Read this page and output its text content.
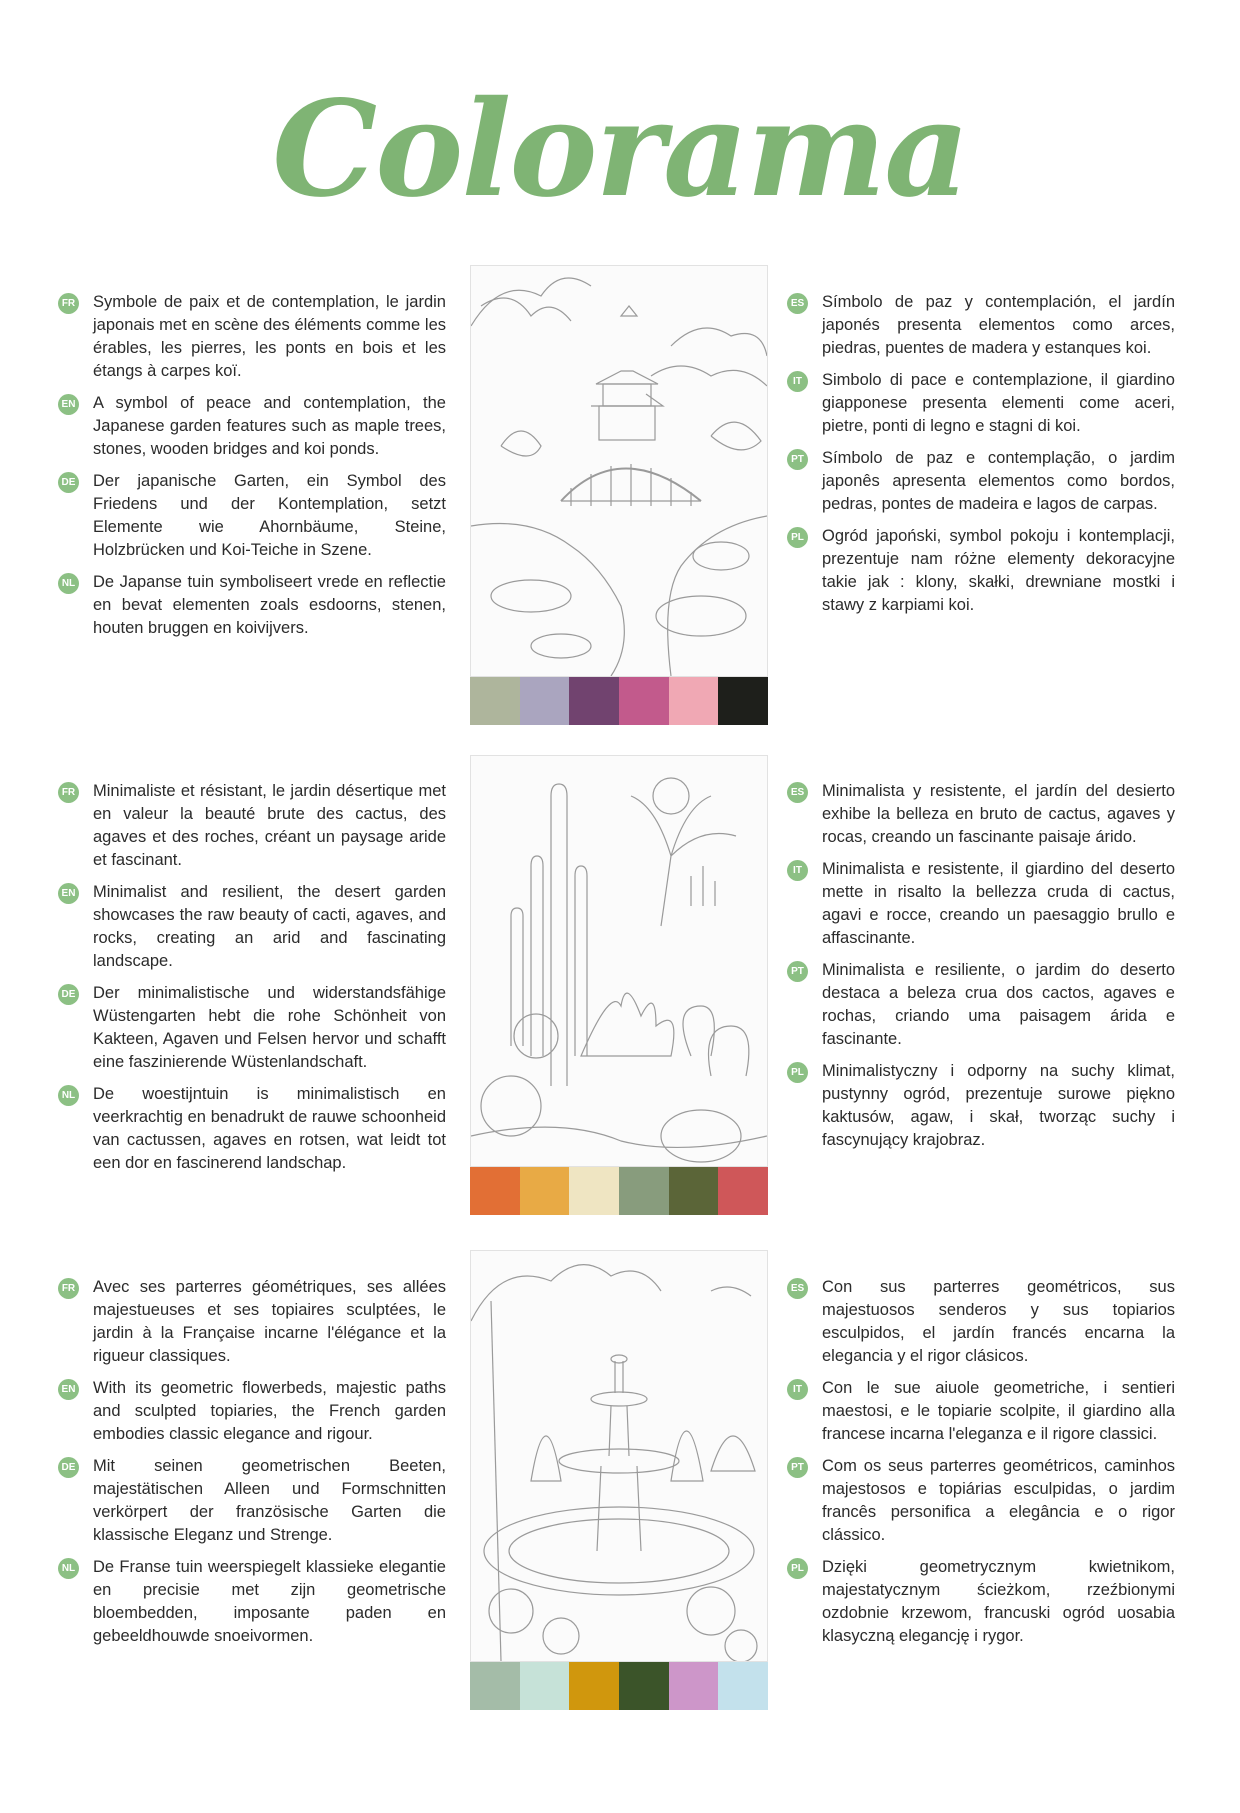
Colorama
FR Symbole de paix et de contemplation, le jardin japonais met en scène des éléments comme les érables, les pierres, les ponts en bois et les étangs à carpes koï.
EN A symbol of peace and contemplation, the Japanese garden features such as maple trees, stones, wooden bridges and koi ponds.
DE Der japanische Garten, ein Symbol des Friedens und der Kontemplation, setzt Elemente wie Ahornbäume, Steine, Holzbrücken und Koi-Teiche in Szene.
NL De Japanse tuin symboliseert vrede en reflectie en bevat elementen zoals esdoorns, stenen, houten bruggen en koivijvers.
ES Símbolo de paz y contemplación, el jardín japonés presenta elementos como arces, piedras, puentes de madera y estanques koi.
IT	Simbolo di pace e contemplazione, il giardino giapponese presenta elementi come aceri, pietre, ponti di legno e stagni di koi.
PT Símbolo de paz e contemplação, o jardim japonês apresenta elementos como bordos, pedras, pontes de madeira e lagos de carpas.
PL Ogród japoński, symbol pokoju i kontemplacji, prezentuje nam różne elementy dekoracyjne takie jak : klony, skałki, drewniane mostki i stawy z karpiami koi.
FR Minimaliste et résistant, le jardin désertique met en valeur la beauté brute des cactus, des agaves et des roches, créant un paysage aride et fascinant.
EN Minimalist and resilient, the desert garden showcases the raw beauty of cacti, agaves, and rocks, creating an arid and fascinating landscape.
DE Der minimalistische und widerstandsfähige Wüstengarten hebt die rohe Schönheit von Kakteen, Agaven und Felsen hervor und schafft eine faszinierende Wüstenlandschaft.
NL De woestijntuin is minimalistisch en veerkrachtig en benadrukt de rauwe schoonheid van cactussen, agaves en rotsen, wat leidt tot een dor en fascinerend landschap.
ES Minimalista y resistente, el jardín del desierto exhibe la belleza en bruto de cactus, agaves y rocas, creando un fascinante paisaje árido.
IT	Minimalista e resistente, il giardino del deserto mette in risalto la bellezza cruda di cactus, agavi e rocce, creando un paesaggio brullo e affascinante.
PT Minimalista e resiliente, o jardim do deserto destaca a beleza crua dos cactos, agaves e rochas, criando uma paisagem árida e fascinante.
PL Minimalistyczny i odporny na suchy klimat, pustynny ogród, prezentuje surowe piękno kaktusów, agaw, i skał, tworząc suchy i fascynujący krajobraz.
FR Avec ses parterres géométriques, ses allées majestueuses et ses topiaires sculptées, le jardin à la Française incarne l'élégance et la rigueur classiques.
EN With its geometric flowerbeds, majestic paths and sculpted topiaries, the French garden embodies classic elegance and rigour.
DE Mit seinen geometrischen Beeten, majestätischen Alleen und Formschnitten verkörpert der französische Garten die klassische Eleganz und Strenge.
NL De Franse tuin weerspiegelt klassieke elegantie en precisie met zijn geometrische bloembedden, imposante paden en gebeeldhouwde snoeivormen.
ES Con sus parterres geométricos, sus majestuosos senderos y sus topiarios esculpidos, el jardín francés encarna la elegancia y el rigor clásicos.
IT	Con le sue aiuole geometriche, i sentieri maestosi, e le topiarie scolpite, il giardino alla francese incarna l'eleganza e il rigore classici.
PT Com os seus parterres geométricos, caminhos majestosos e topiárias esculpidas, o jardim francês personifica a elegância e o rigor clássico.
PL Dzięki geometrycznym kwietnikom, majestatycznym ścieżkom, rzeźbionymi ozdobnie krzewom, francuski ogród uosabia klasyczną elegancję i rygor.
